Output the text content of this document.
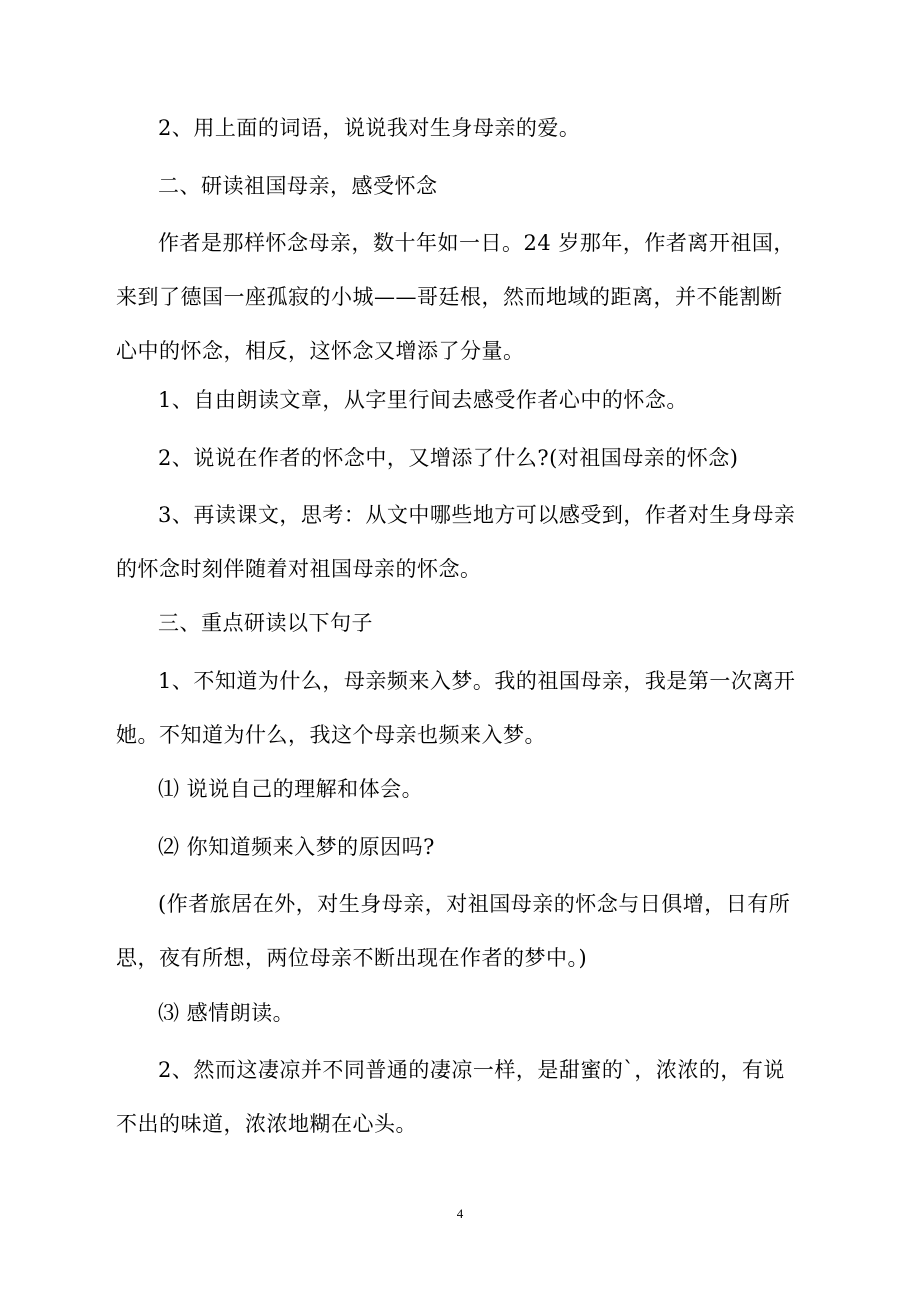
2、用上面的词语，说说我对生身母亲的爱。
二、研读祖国母亲，感受怀念
作者是那样怀念母亲，数十年如一日。24 岁那年，作者离开祖国，
来到了德国一座孤寂的小城——哥廷根，然而地域的距离，并不能割断
心中的怀念，相反，这怀念又增添了分量。
1、自由朗读文章，从字里行间去感受作者心中的怀念。
2、说说在作者的怀念中，又增添了什么?(对祖国母亲的怀念)
3、再读课文，思考：从文中哪些地方可以感受到，作者对生身母亲
的怀念时刻伴随着对祖国母亲的怀念。
三、重点研读以下句子
1、不知道为什么，母亲频来入梦。我的祖国母亲，我是第一次离开
她。不知道为什么，我这个母亲也频来入梦。
⑴ 说说自己的理解和体会。
⑵ 你知道频来入梦的原因吗?
(作者旅居在外，对生身母亲，对祖国母亲的怀念与日俱增，日有所
思，夜有所想，两位母亲不断出现在作者的梦中。)
⑶ 感情朗读。
2、然而这凄凉并不同普通的凄凉一样，是甜蜜的`，浓浓的，有说
不出的味道，浓浓地糊在心头。
4
